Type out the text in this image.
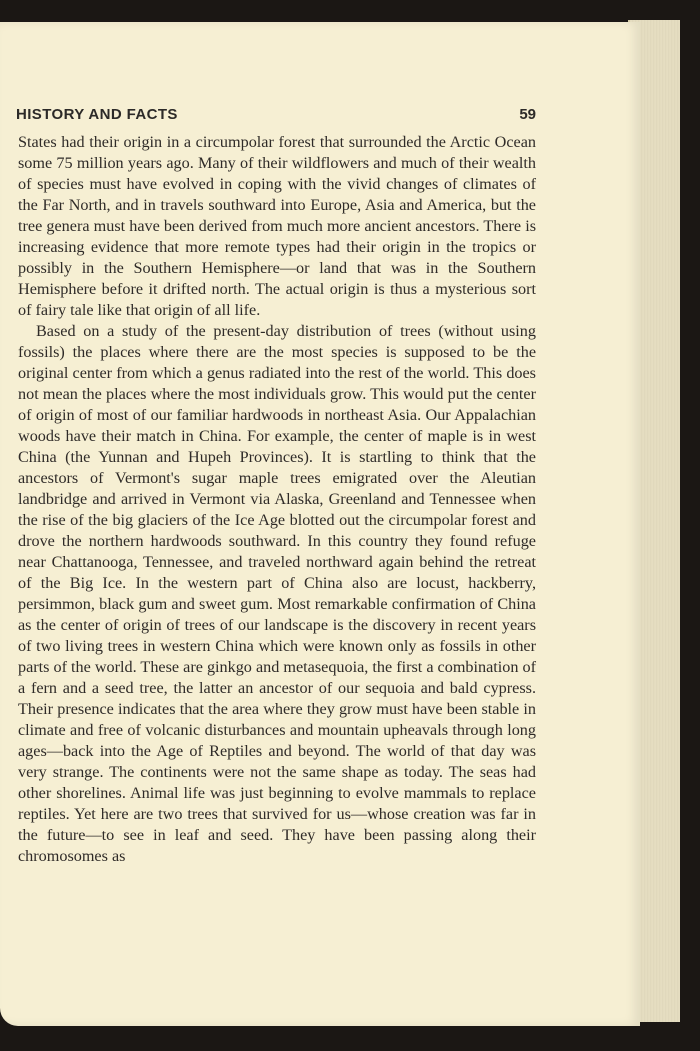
HISTORY AND FACTS	59

States had their origin in a circumpolar forest that surrounded the Arctic Ocean some 75 million years ago. Many of their wildflowers and much of their wealth of species must have evolved in coping with the vivid changes of climates of the Far North, and in travels southward into Europe, Asia and America, but the tree genera must have been derived from much more ancient ancestors. There is increasing evidence that more remote types had their origin in the tropics or possibly in the Southern Hemisphere—or land that was in the Southern Hemisphere before it drifted north. The actual origin is thus a mysterious sort of fairy tale like that origin of all life.

Based on a study of the present-day distribution of trees (without using fossils) the places where there are the most species is supposed to be the original center from which a genus radiated into the rest of the world. This does not mean the places where the most individuals grow. This would put the center of origin of most of our familiar hardwoods in northeast Asia. Our Appalachian woods have their match in China. For example, the center of maple is in west China (the Yunnan and Hupeh Provinces). It is startling to think that the ancestors of Vermont's sugar maple trees emigrated over the Aleutian landbridge and arrived in Vermont via Alaska, Greenland and Tennessee when the rise of the big glaciers of the Ice Age blotted out the circumpolar forest and drove the northern hardwoods southward. In this country they found refuge near Chattanooga, Tennessee, and traveled northward again behind the retreat of the Big Ice. In the western part of China also are locust, hackberry, persimmon, black gum and sweet gum. Most remarkable confirmation of China as the center of origin of trees of our landscape is the discovery in recent years of two living trees in western China which were known only as fossils in other parts of the world. These are ginkgo and metasequoia, the first a combination of a fern and a seed tree, the latter an ancestor of our sequoia and bald cypress. Their presence indicates that the area where they grow must have been stable in climate and free of volcanic disturbances and mountain upheavals through long ages—back into the Age of Reptiles and beyond. The world of that day was very strange. The continents were not the same shape as today. The seas had other shorelines. Animal life was just beginning to evolve mammals to replace reptiles. Yet here are two trees that survived for us—whose creation was far in the future—to see in leaf and seed. They have been passing along their chromosomes as
